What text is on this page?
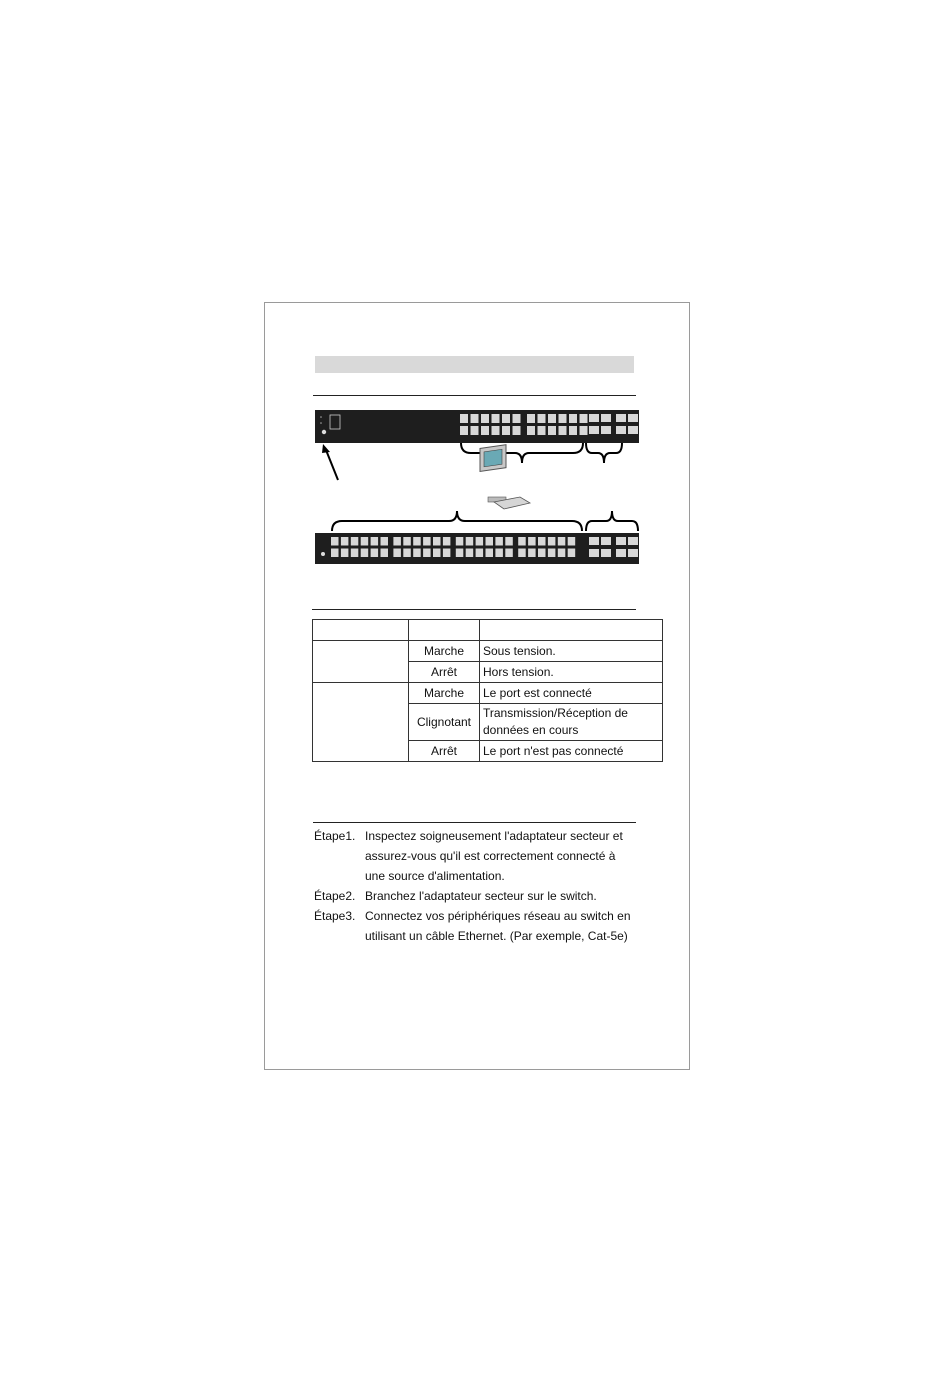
	Marche	Sous tension.
	Arrêt	Hors tension.
	Marche	Le port est connecté
	Clignotant	Transmission/Réception de données en cours
	Arrêt	Le port n'est pas connecté
Étape1. Inspectez soigneusement l'adaptateur secteur et assurez-vous qu'il est correctement connecté à une source d'alimentation.
Étape2. Branchez l'adaptateur secteur sur le switch.
Étape3. Connectez vos périphériques réseau au switch en utilisant un câble Ethernet. (Par exemple, Cat-5e)
